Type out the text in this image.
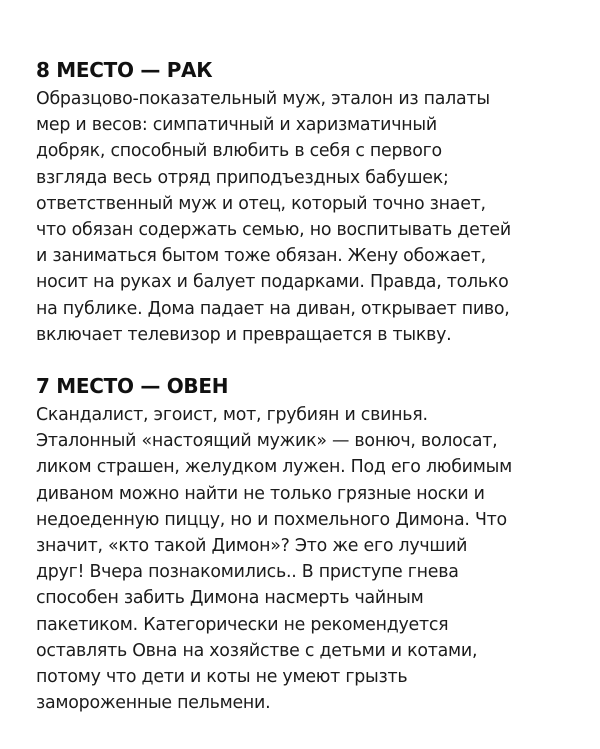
8 МЕСТО — РАК

Образцово-показательный муж, эталон из палаты

мер и весов: симпатичный и харизматичный

добряк, способный влюбить в себя с первого

взгляда весь отряд приподъездных бабушек;

ответственный муж и отец, который точно знает,

что обязан содержать семью, но воспитывать детей

и заниматься бытом тоже обязан. Жену обожает,

носит на руках и балует подарками. Правда, только

на публике. Дома падает на диван, открывает пиво,

включает телевизор и превращается в тыкву.

7 МЕСТО — ОВЕН

Скандалист, эгоист, мот, грубиян и свинья.

Эталонный «настоящий мужик» — вонюч, волосат,

ликом страшен, желудком лужен. Под его любимым

диваном можно найти не только грязные носки и

недоеденную пиццу, но и похмельного Димона. Что

значит, «кто такой Димон»? Это же его лучший

друг! Вчера познакомились.. В приступе гнева

способен забить Димона насмерть чайным

пакетиком. Категорически не рекомендуется

оставлять Овна на хозяйстве с детьми и котами,

потому что дети и коты не умеют грызть

замороженные пельмени.
